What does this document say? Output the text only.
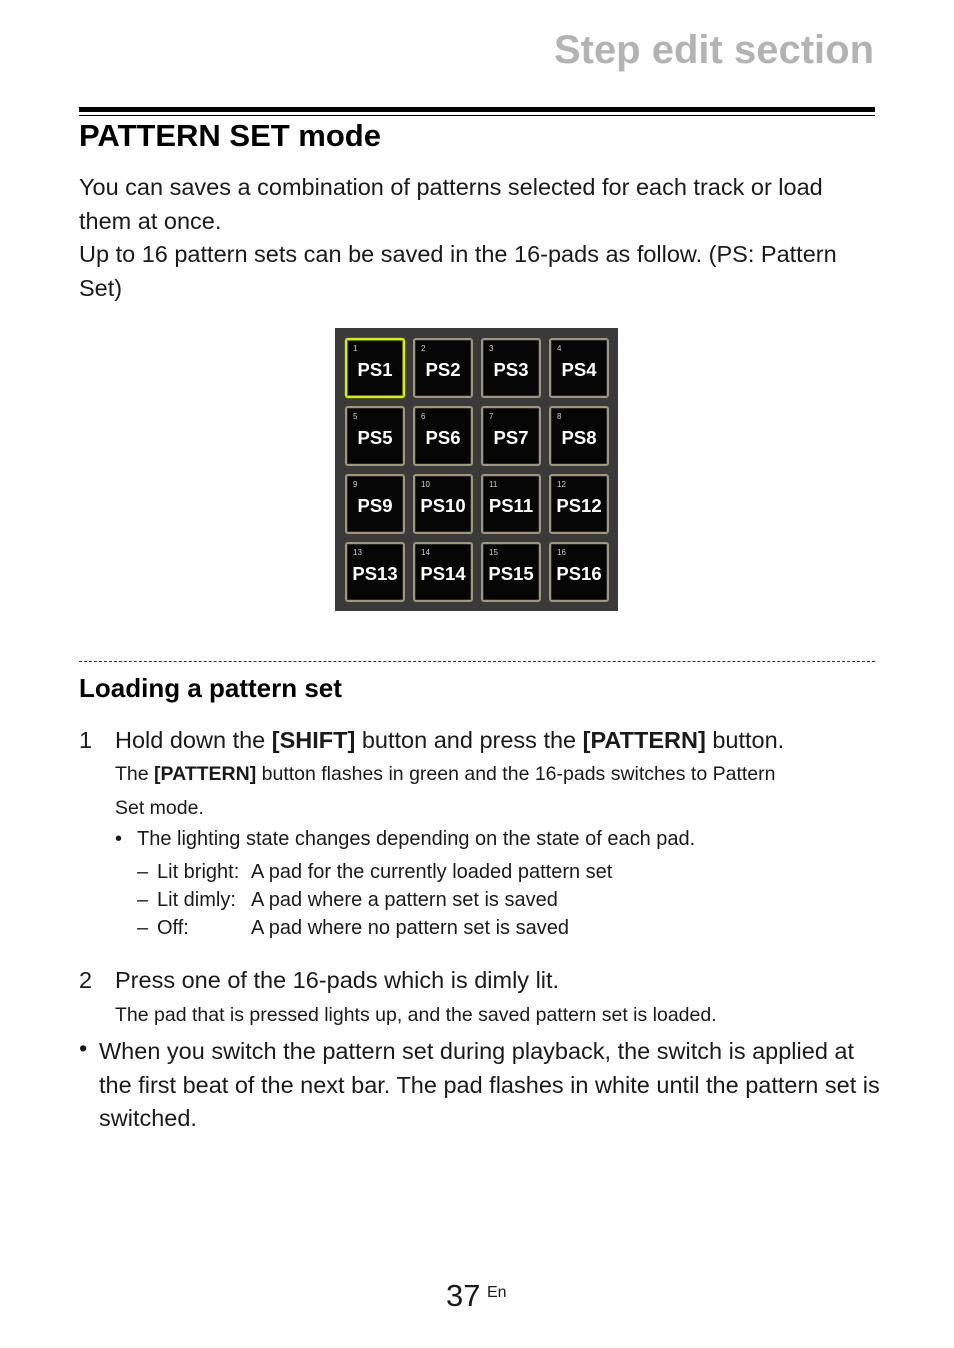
Step edit section
PATTERN SET mode

You can saves a combination of patterns selected for each track or load them at once.

Up to 16 pattern sets can be saved in the 16-pads as follow. (PS: Pattern Set)

1
PS1
2
PS2
3
PS3
4
PS4
5
PS5
6
PS6
7
PS7
8
PS8
9
PS9
10
PS10
11
PS11
12
PS12
13
PS13
14
PS14
15
PS15
16
PS16
Loading a pattern set
1 Hold down the [SHIFT] button and press the [PATTERN] button.
The [PATTERN] button flashes in green and the 16-pads switches to Pattern
Set mode.
• The lighting state changes depending on the state of each pad.
– Lit bright: A pad for the currently loaded pattern set
– Lit dimly: A pad where a pattern set is saved
– Off:	A pad where no pattern set is saved
2 Press one of the 16-pads which is dimly lit.
The pad that is pressed lights up, and the saved pattern set is loaded.
• When you switch the pattern set during playback, the switch is applied at the first beat of the next bar. The pad flashes in white until the pattern set is switched.
37 En
